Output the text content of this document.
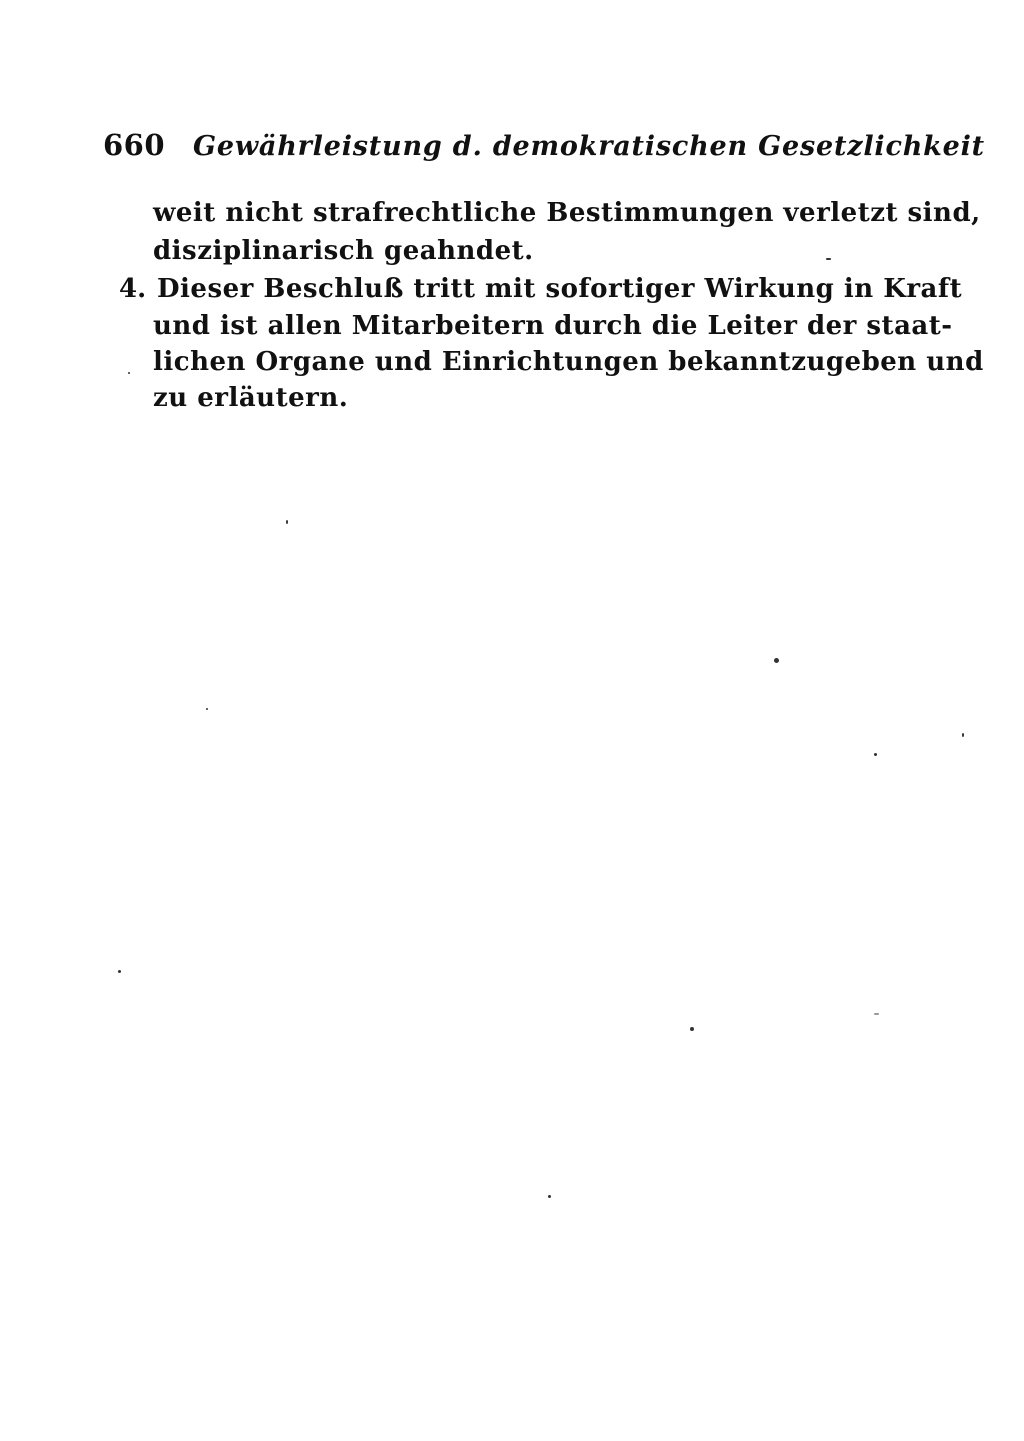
660 Gewährleistung d. demokratischen Gesetzlichkeit
weit nicht strafrechtliche Bestimmungen verletzt sind,
disziplinarisch geahndet.
4. Dieser Beschluß tritt mit sofortiger Wirkung in Kraft
und ist allen Mitarbeitern durch die Leiter der staat-
lichen Organe und Einrichtungen bekanntzugeben und
zu erläutern.
